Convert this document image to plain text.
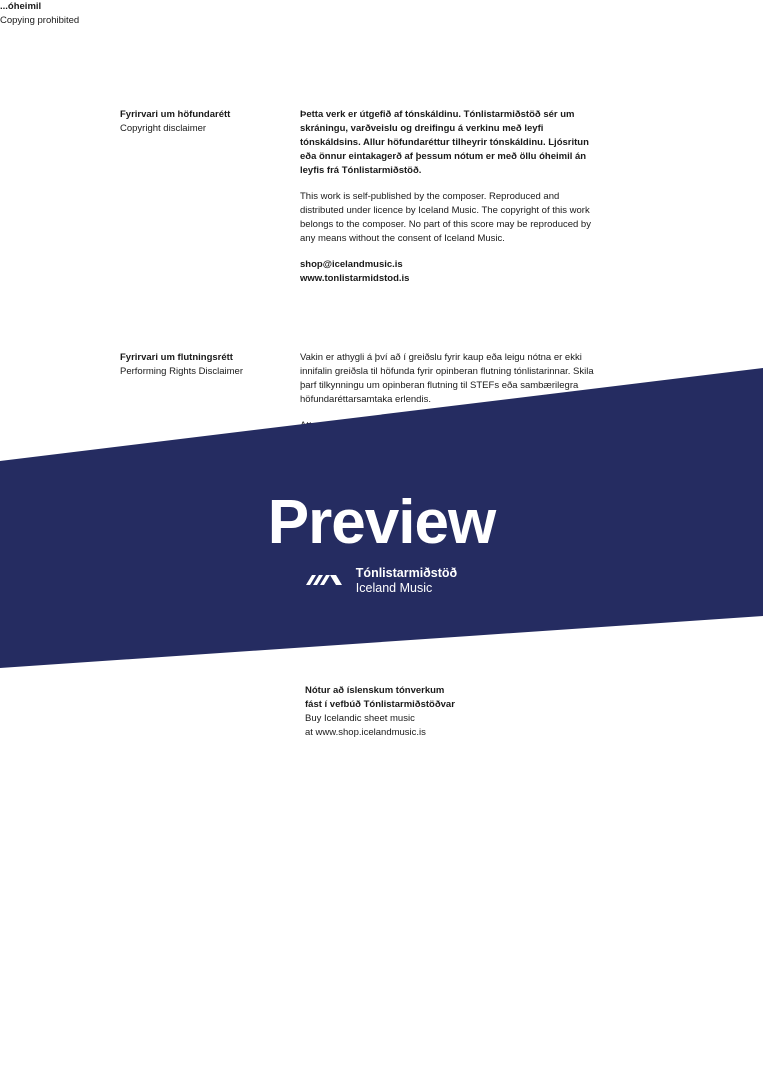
Fyrirvari um höfundarétt
Copyright disclaimer

Þetta verk er útgefið af tónskáldinu. Tónlistarmiðstöð sér um skráningu, varðveislu og dreifingu á verkinu með leyfi tónskáldsins. Allur höfundaréttur tilheyrir tónskáldinu. Ljósritun eða önnur eintakagerð af þessum nótum er með öllu óheimil án leyfis frá Tónlistarmiðstöð.

This work is self-published by the composer. Reproduced and distributed under licence by Iceland Music. The copyright of this work belongs to the composer. No part of this score may be reproduced by any means without the consent of Iceland Music.

shop@icelandmusic.is
www.tonlistarmidstod.is

Fyrirvari um flutningsrétt
Performing Rights Disclaimer

Vakin er athygli á því að í greiðslu fyrir kaup eða leigu nótna er ekki innifalin greiðsla til höfunda fyrir opinberan flutning tónlistarinnar. Skila þarf tilkynningu um opinberan flutning til STEFs eða sambærilegra höfundaréttarsamtaka erlendis.

...óheimil

Copying prohibited

Nótur að íslenskum tónverkum

fást í vefbúð Tónlistarmiðstöðvar

Buy Icelandic sheet music

at www.shop.icelandmusic.is

Preview
Tónlistarmiðstöð
Iceland Music
